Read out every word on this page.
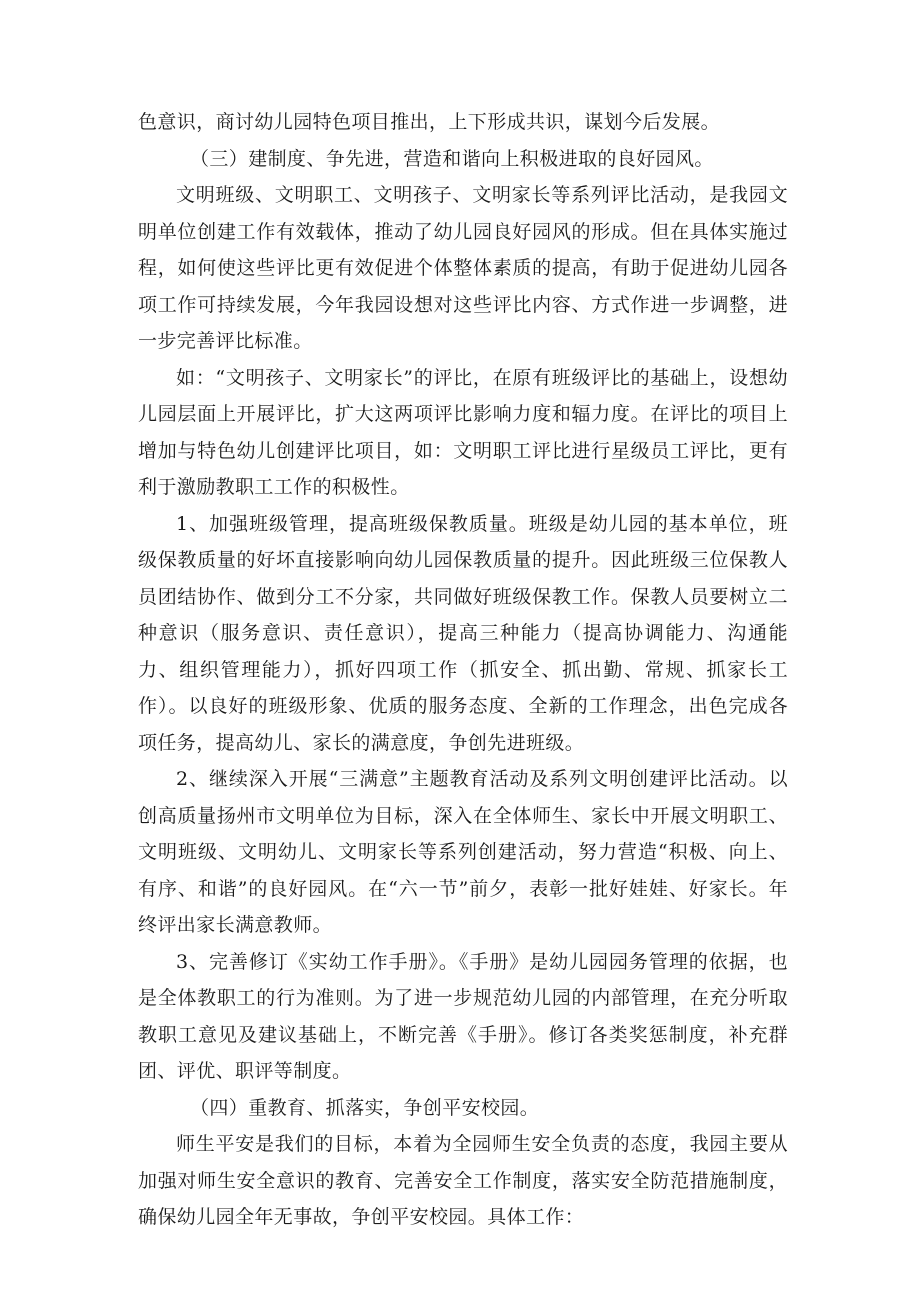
色意识，商讨幼儿园特色项目推出，上下形成共识，谋划今后发展。

（三）建制度、争先进，营造和谐向上积极进取的良好园风。

文明班级、文明职工、文明孩子、文明家长等系列评比活动，是我园文明单位创建工作有效载体，推动了幼儿园良好园风的形成。但在具体实施过程，如何使这些评比更有效促进个体整体素质的提高，有助于促进幼儿园各项工作可持续发展，今年我园设想对这些评比内容、方式作进一步调整，进一步完善评比标准。

如：“文明孩子、文明家长”的评比，在原有班级评比的基础上，设想幼儿园层面上开展评比，扩大这两项评比影响力度和辐力度。在评比的项目上增加与特色幼儿创建评比项目，如：文明职工评比进行星级员工评比，更有利于激励教职工工作的积极性。

1、加强班级管理，提高班级保教质量。班级是幼儿园的基本单位，班级保教质量的好坏直接影响向幼儿园保教质量的提升。因此班级三位保教人员团结协作、做到分工不分家，共同做好班级保教工作。保教人员要树立二种意识（服务意识、责任意识），提高三种能力（提高协调能力、沟通能力、组织管理能力），抓好四项工作（抓安全、抓出勤、常规、抓家长工作）。以良好的班级形象、优质的服务态度、全新的工作理念，出色完成各项任务，提高幼儿、家长的满意度，争创先进班级。

2、继续深入开展“三满意”主题教育活动及系列文明创建评比活动。以创高质量扬州市文明单位为目标，深入在全体师生、家长中开展文明职工、文明班级、文明幼儿、文明家长等系列创建活动，努力营造“积极、向上、有序、和谐”的良好园风。在“六一节”前夕，表彰一批好娃娃、好家长。年终评出家长满意教师。

3、完善修订《实幼工作手册》。《手册》是幼儿园园务管理的依据，也是全体教职工的行为准则。为了进一步规范幼儿园的内部管理，在充分听取教职工意见及建议基础上，不断完善《手册》。修订各类奖惩制度，补充群团、评优、职评等制度。

（四）重教育、抓落实，争创平安校园。

师生平安是我们的目标，本着为全园师生安全负责的态度，我园主要从加强对师生安全意识的教育、完善安全工作制度，落实安全防范措施制度，确保幼儿园全年无事故，争创平安校园。具体工作：
